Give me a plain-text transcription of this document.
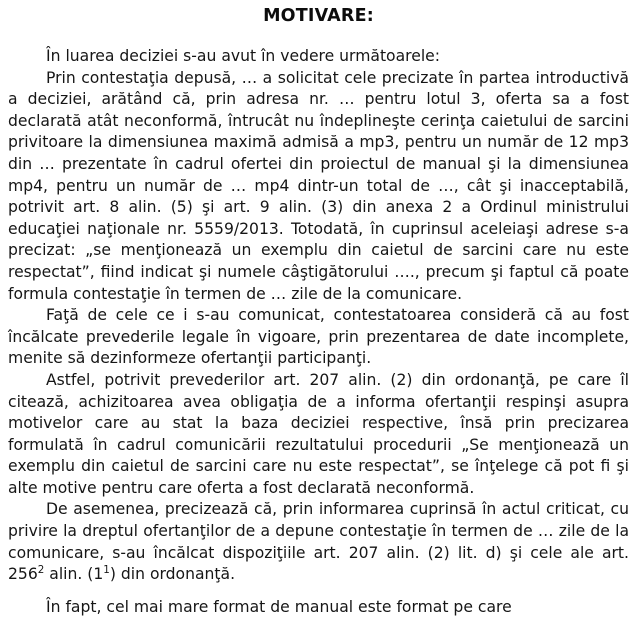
MOTIVARE:

În luarea deciziei s-au avut în vedere următoarele:

Prin contestaţia depusă, … a solicitat cele precizate în partea introductivă a deciziei, arătând că, prin adresa nr. … pentru lotul 3, oferta sa a fost declarată atât neconformă, întrucât nu îndeplineşte cerinţa caietului de sarcini privitoare la dimensiunea maximă admisă a mp3, pentru un număr de 12 mp3 din … prezentate în cadrul ofertei din proiectul de manual şi la dimensiunea mp4, pentru un număr de … mp4 dintr-un total de …, cât şi inacceptabilă, potrivit art. 8 alin. (5) şi art. 9 alin. (3) din anexa 2 a Ordinul ministrului educaţiei naţionale nr. 5559/2013. Totodată, în cuprinsul aceleiaşi adrese s-a precizat: „se menţionează un exemplu din caietul de sarcini care nu este respectat”, fiind indicat şi numele câştigătorului …., precum şi faptul că poate formula contestaţie în termen de … zile de la comunicare.

Faţă de cele ce i s-au comunicat, contestatoarea consideră că au fost încălcate prevederile legale în vigoare, prin prezentarea de date incomplete, menite să dezinformeze ofertanţii participanţi.

Astfel, potrivit prevederilor art. 207 alin. (2) din ordonanţă, pe care îl citează, achizitoarea avea obligaţia de a informa ofertanţii respinşi asupra motivelor care au stat la baza deciziei respective, însă prin precizarea formulată în cadrul comunicării rezultatului procedurii „Se menţionează un exemplu din caietul de sarcini care nu este respectat”, se înţelege că pot fi şi alte motive pentru care oferta a fost declarată neconformă.

De asemenea, precizează că, prin informarea cuprinsă în actul criticat, cu privire la dreptul ofertanţilor de a depune contestaţie în termen de … zile de la comunicare, s-au încălcat dispoziţiile art. 207 alin. (2) lit. d) şi cele ale art. $256^2$ alin. $(1^1)$ din ordonanţă.

În fapt, cel mai mare format de manual este format pe care
